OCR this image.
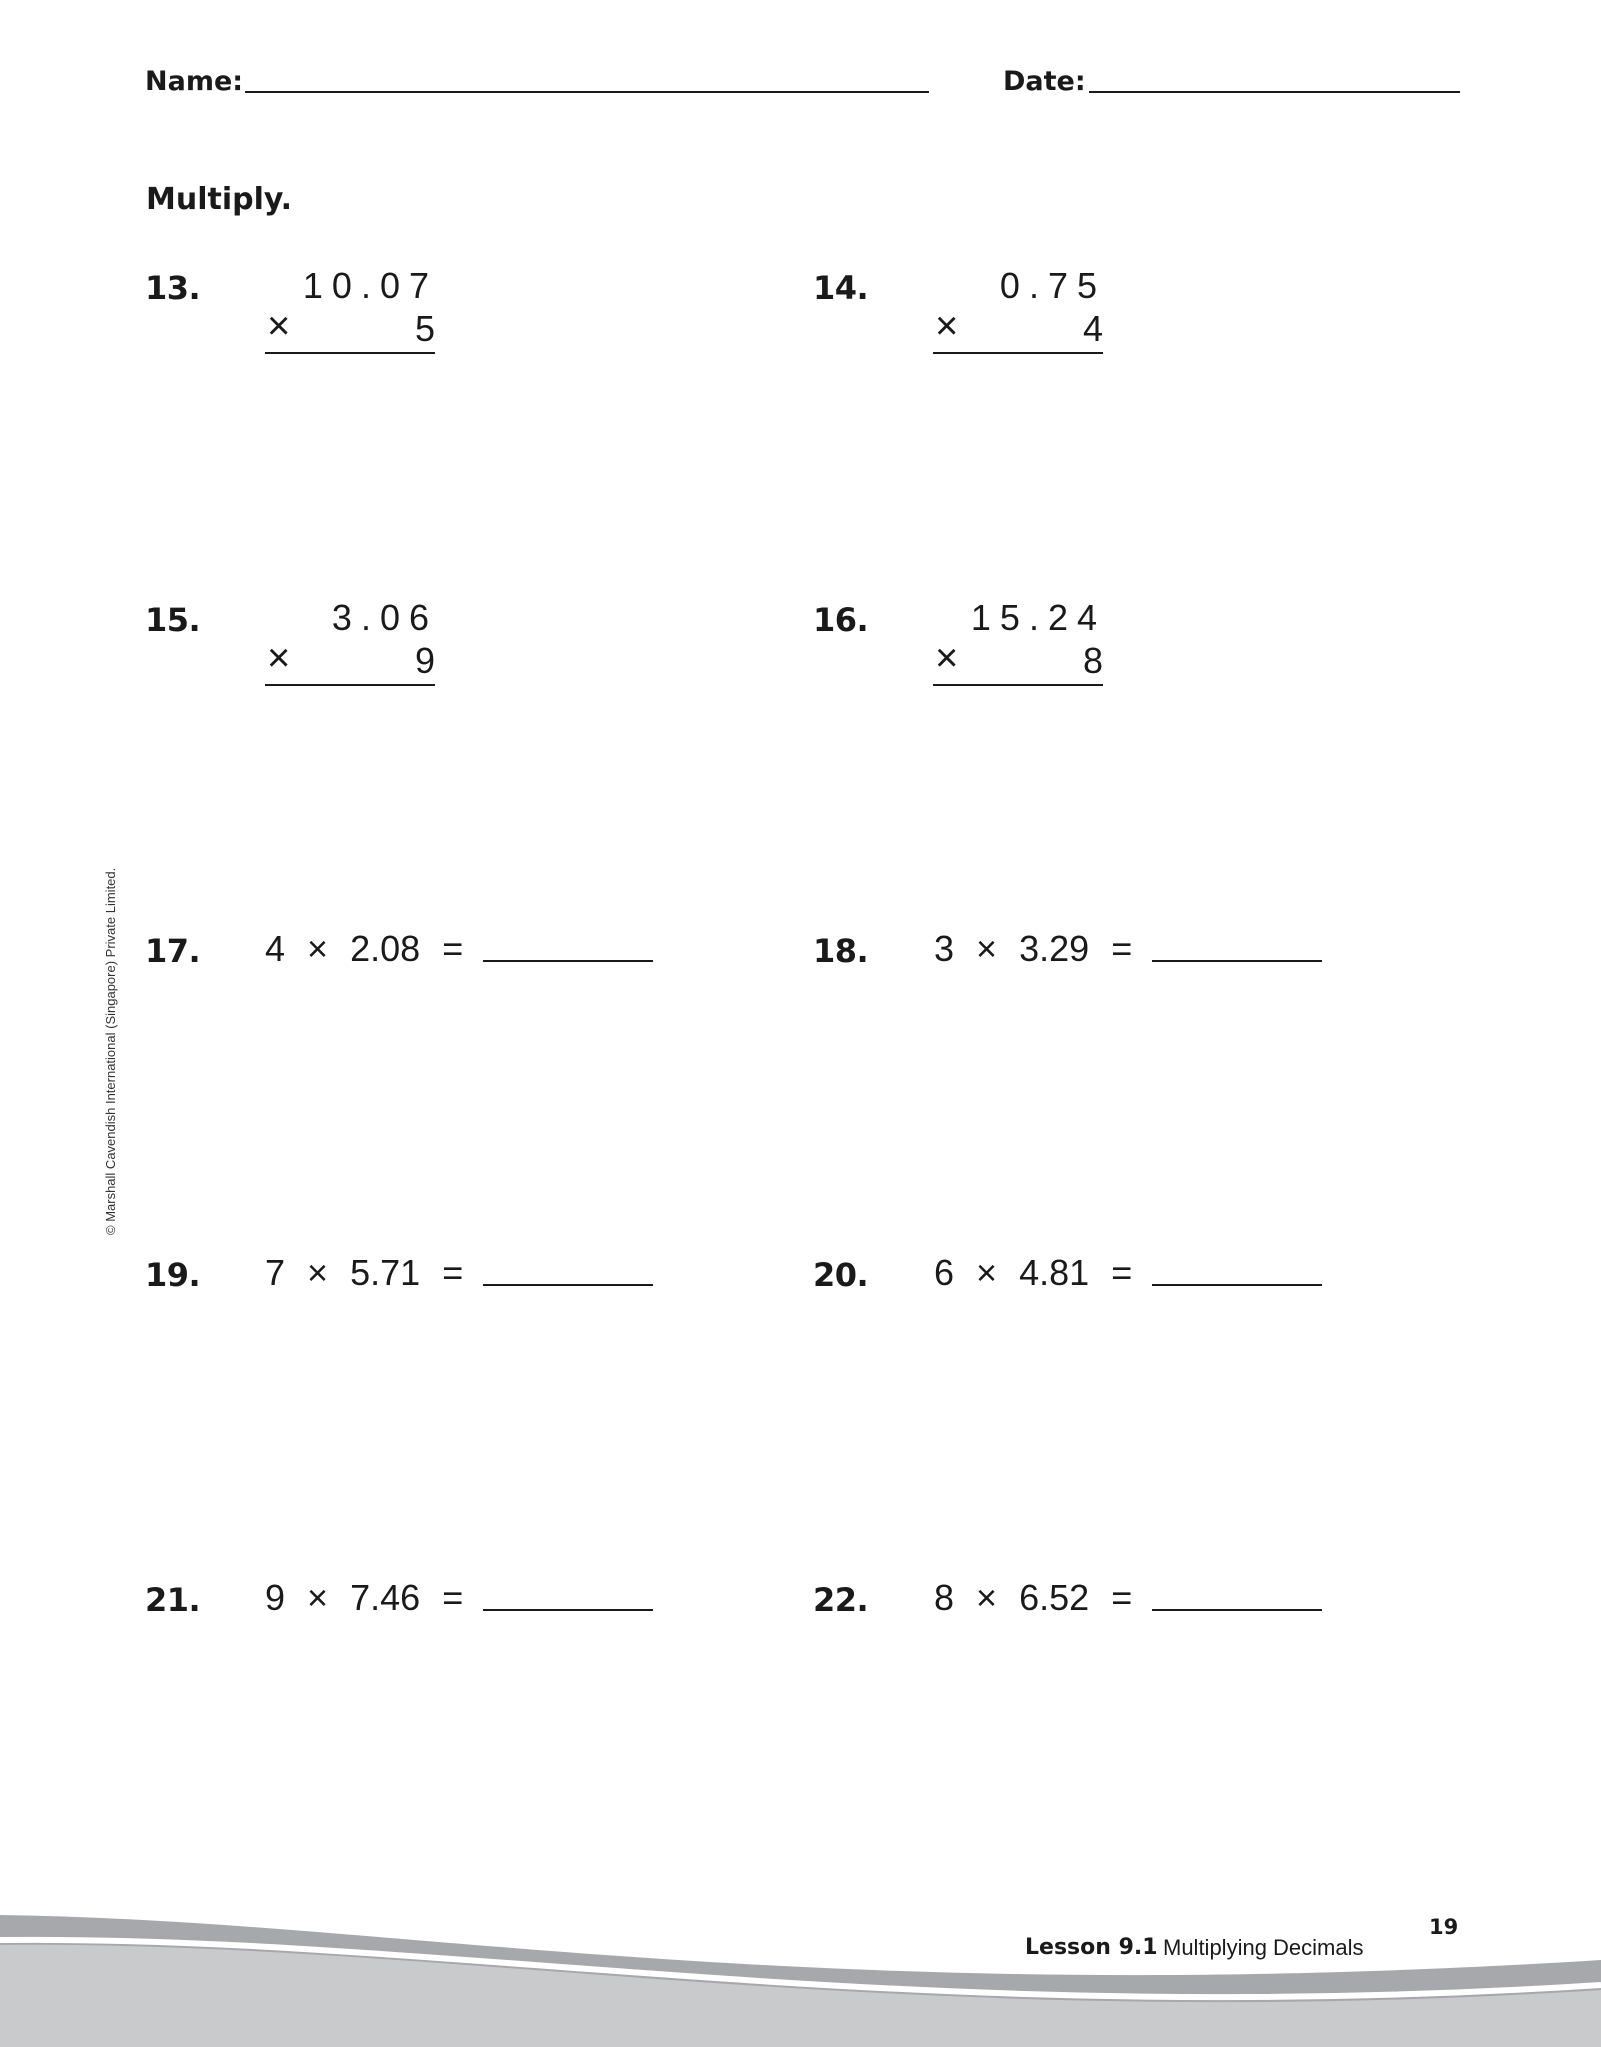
Name:	Date:
Multiply.
13.	10.07
×	5
14.	0.75
×	4
15.	3.06
×	9
16.	15.24
×	8
17. 4 × 2.08 =	18. 3 × 3.29 =
19. 7 × 5.71 =	20. 6 × 4.81 =
21. 9 × 7.46 =	22. 8 × 6.52 =
© Marshall Cavendish International (Singapore) Private Limited.
Lesson 9.1 Multiplying Decimals
19
